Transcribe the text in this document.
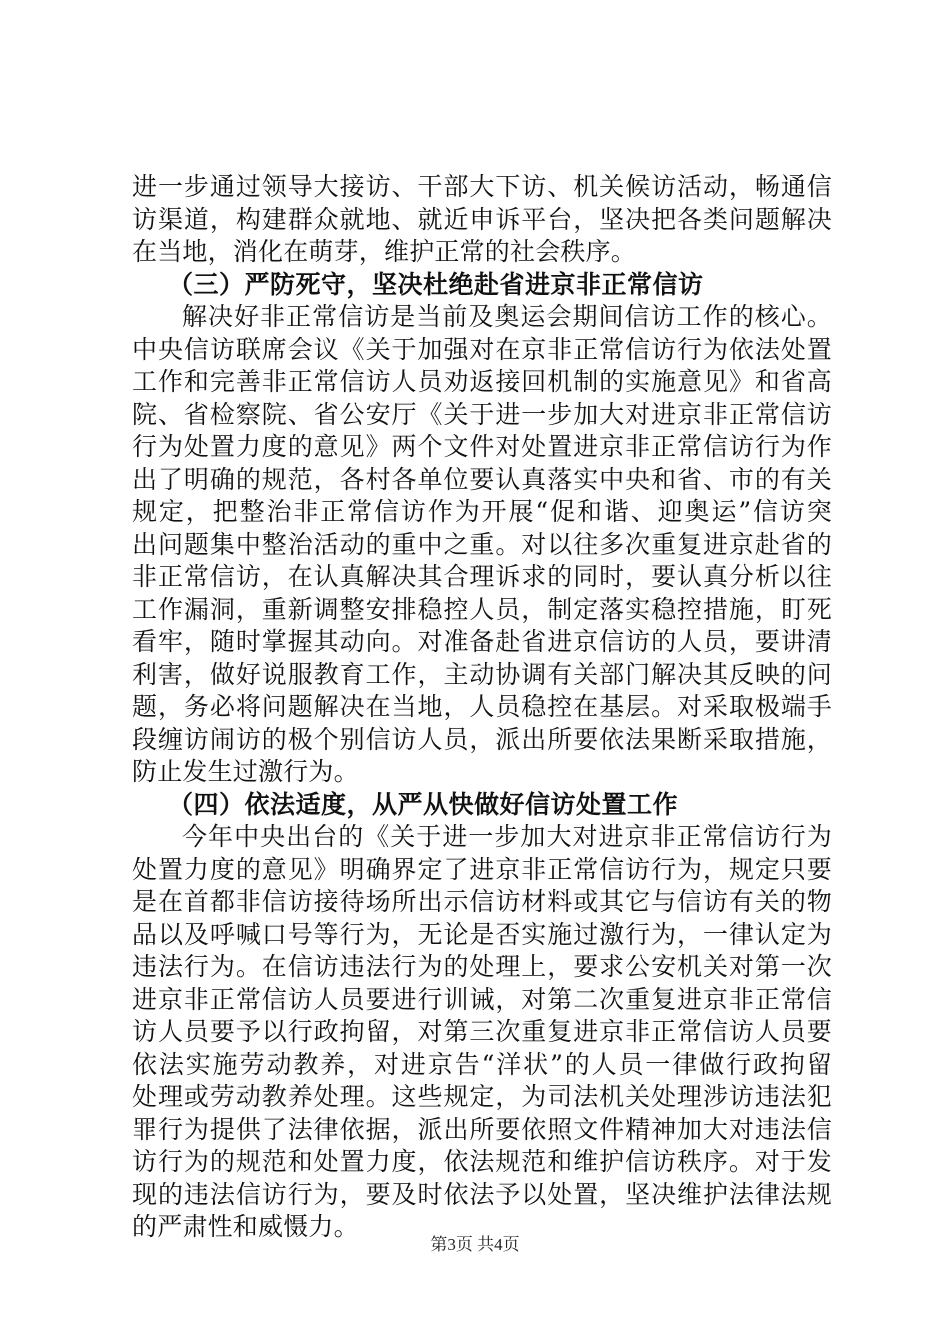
进一步通过领导大接访、干部大下访、机关候访活动，畅通信
访渠道，构建群众就地、就近申诉平台，坚决把各类问题解决
在当地，消化在萌芽，维护正常的社会秩序。
（三）严防死守，坚决杜绝赴省进京非正常信访
解决好非正常信访是当前及奥运会期间信访工作的核心。
中央信访联席会议《关于加强对在京非正常信访行为依法处置
工作和完善非正常信访人员劝返接回机制的实施意见》和省高
院、省检察院、省公安厅《关于进一步加大对进京非正常信访
行为处置力度的意见》两个文件对处置进京非正常信访行为作
出了明确的规范，各村各单位要认真落实中央和省、市的有关
规定，把整治非正常信访作为开展“促和谐、迎奥运”信访突
出问题集中整治活动的重中之重。对以往多次重复进京赴省的
非正常信访，在认真解决其合理诉求的同时，要认真分析以往
工作漏洞，重新调整安排稳控人员，制定落实稳控措施，盯死
看牢，随时掌握其动向。对准备赴省进京信访的人员，要讲清
利害，做好说服教育工作，主动协调有关部门解决其反映的问
题，务必将问题解决在当地，人员稳控在基层。对采取极端手
段缠访闹访的极个别信访人员，派出所要依法果断采取措施，
防止发生过激行为。
（四）依法适度，从严从快做好信访处置工作
今年中央出台的《关于进一步加大对进京非正常信访行为
处置力度的意见》明确界定了进京非正常信访行为，规定只要
是在首都非信访接待场所出示信访材料或其它与信访有关的物
品以及呼喊口号等行为，无论是否实施过激行为，一律认定为
违法行为。在信访违法行为的处理上，要求公安机关对第一次
进京非正常信访人员要进行训诫，对第二次重复进京非正常信
访人员要予以行政拘留，对第三次重复进京非正常信访人员要
依法实施劳动教养，对进京告“洋状”的人员一律做行政拘留
处理或劳动教养处理。这些规定，为司法机关处理涉访违法犯
罪行为提供了法律依据，派出所要依照文件精神加大对违法信
访行为的规范和处置力度，依法规范和维护信访秩序。对于发
现的违法信访行为，要及时依法予以处置，坚决维护法律法规
的严肃性和威慑力。
第3页 共4页
